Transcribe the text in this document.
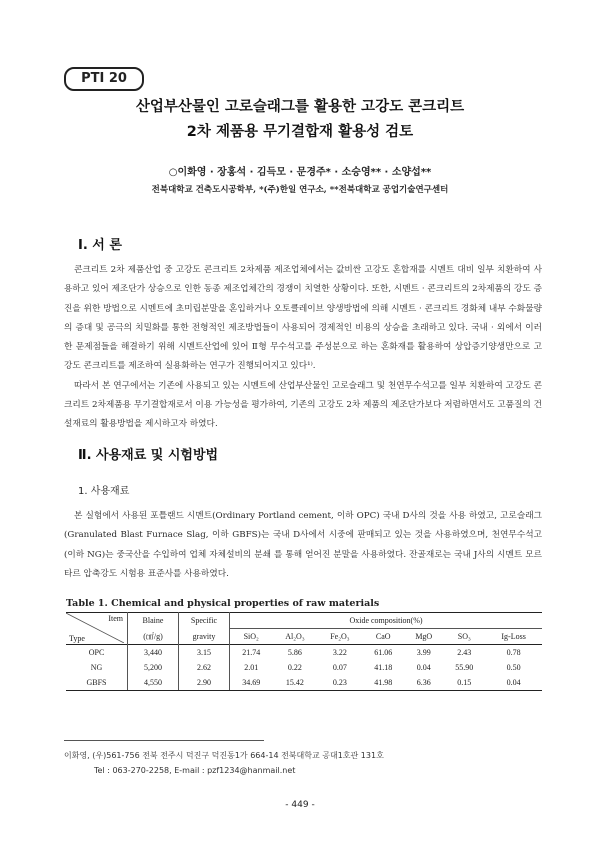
PTI 20
산업부산물인 고로슬래그를 활용한 고강도 콘크리트
2차 제품용 무기결합재 활용성 검토
○이화영 · 장홍석 · 김득모 · 문경주* · 소승영** · 소양섭**
전북대학교 건축도시공학부, *(주)한일 연구소, **전북대학교 공업기술연구센터
Ⅰ. 서 론

콘크리트 2차 제품산업 중 고강도 콘크리트 2차제품 제조업체에서는 값비싼 고강도 혼합재를 시멘트 대비 일부 치환하여 사용하고 있어 제조단가 상승으로 인한 동종 제조업체간의 경쟁이 치열한 상황이다. 또한, 시멘트 · 콘크리트의 2차제품의 강도 증진을 위한 방법으로 시멘트에 초미립분말을 혼입하거나 오토클레이브 양생방법에 의해 시멘트 · 콘크리트 경화체 내부 수화물량의 증대 및 공극의 치밀화를 통한 전형적인 제조방법들이 사용되어 경제적인 비용의 상승을 초래하고 있다. 국내 · 외에서 이러한 문제점들을 해결하기 위해 시멘트산업에 있어 Ⅱ형 무수석고를 주성분으로 하는 혼화재를 활용하여 상압증기양생만으로 고강도 콘크리트를 제조하여 실용화하는 연구가 진행되어지고 있다¹⁾.

따라서 본 연구에서는 기존에 사용되고 있는 시멘트에 산업부산물인 고로슬래그 및 천연무수석고를 일부 치환하여 고강도 콘크리트 2차제품용 무기결합재로서 이용 가능성을 평가하여, 기존의 고강도 2차 제품의 제조단가보다 저렴하면서도 고품질의 건설재료의 활용방법을 제시하고자 하였다.

Ⅱ. 사용재료 및 시험방법
1. 사용재료

본 실험에서 사용된 포틀랜드 시멘트(Ordinary Portland cement, 이하 OPC) 국내 D사의 것을 사용 하였고, 고로슬래그(Granulated Blast Furnace Slag, 이하 GBFS)는 국내 D사에서 시중에 판매되고 있는 것을 사용하였으며, 천연무수석고(이하 NG)는 중국산을 수입하여 업체 자체설비의 분쇄 를 통해 얻어진 분말을 사용하였다. 잔골재로는 국내 J사의 시멘트 모르타르 압축강도 시험용 표준사를 사용하였다.

Table 1. Chemical and physical properties of raw materials
Item
Type	Blaine	Specific	Oxide composition(%)						
	(㎠/g)	gravity	SiO₂	Al₂O₃	Fe₂O₃	CaO	MgO	SO₃	Ig-Loss
OPC	3,440	3.15	21.74	5.86	3.22	61.06	3.99	2.43	0.78
NG	5,200	2.62	2.01	0.22	0.07	41.18	0.04	55.90	0.50
GBFS	4,550	2.90	34.69	15.42	0.23	41.98	6.36	0.15	0.04
이화영, (우)561-756 전북 전주시 덕진구 덕진동1가 664-14 전북대학교 공대1호관 131호
Tel : 063-270-2258, E-mail : pzf1234@hanmail.net
- 449 -
